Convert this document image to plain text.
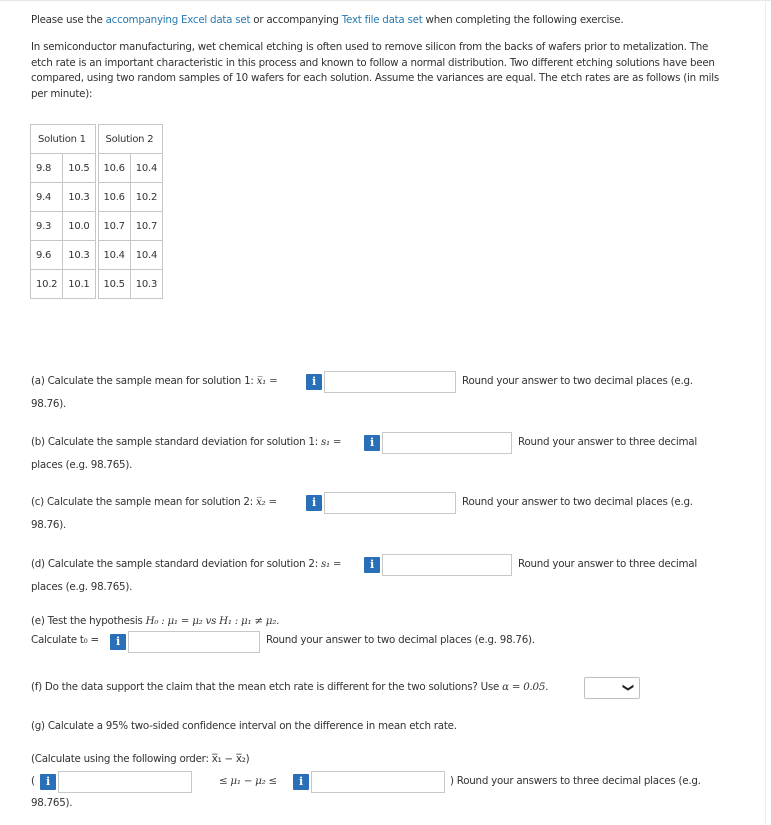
Please use the accompanying Excel data set or accompanying Text file data set when completing the following exercise.
In semiconductor manufacturing, wet chemical etching is often used to remove silicon from the backs of wafers prior to metalization. The etch rate is an important characteristic in this process and known to follow a normal distribution. Two different etching solutions have been compared, using two random samples of 10 wafers for each solution. Assume the variances are equal. The etch rates are as follows (in mils per minute):
Solution 1			Solution 2	
9.8	10.5		10.6	10.4
9.4	10.3		10.6	10.2
9.3	10.0		10.7	10.7
9.6	10.3		10.4	10.4
10.2	10.1		10.5	10.3
(a) Calculate the sample mean for solution 1: x̅₁ =	i	Round your answer to two decimal places (e.g.
98.76).
(b) Calculate the sample standard deviation for solution 1: s₁ =	i	Round your answer to three decimal
places (e.g. 98.765).
(c) Calculate the sample mean for solution 2: x̅₂ =	i	Round your answer to two decimal places (e.g.
98.76).
(d) Calculate the sample standard deviation for solution 2: s₁ =	i	Round your answer to three decimal
places (e.g. 98.765).
(e) Test the hypothesis H₀ : μ₁ = μ₂ vs H₁ : μ₁ ≠ μ₂.
Calculate t₀ =	i	Round your answer to two decimal places (e.g. 98.76).
(f) Do the data support the claim that the mean etch rate is different for the two solutions? Use α = 0.05.	❯
(g) Calculate a 95% two-sided confidence interval on the difference in mean etch rate.
(Calculate using the following order: x̅₁ − x̅₂)
(	i	≤ μ₁ − μ₂ ≤	i	) Round your answers to three decimal places (e.g.
98.765).
